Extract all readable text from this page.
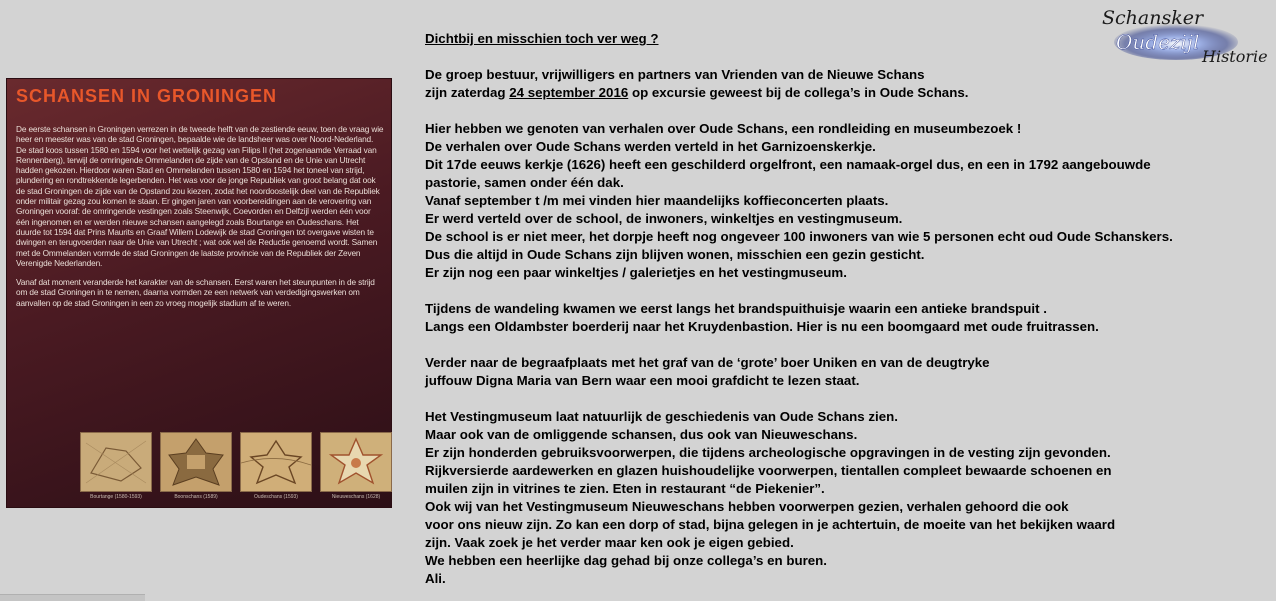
Schansker
Oudezijl
Historie
SCHANSEN IN GRONINGEN

De eerste schansen in Groningen verrezen in de tweede helft van de zestiende eeuw, toen de vraag wie heer en meester was van de stad Groningen, bepaalde wie de landsheer was over Noord-Nederland. De stad koos tussen 1580 en 1594 voor het wettelijk gezag van Filips II (het zogenaamde Verraad van Rennenberg), terwijl de omringende Ommelanden de zijde van de Opstand en de Unie van Utrecht hadden gekozen. Hierdoor waren Stad en Ommelanden tussen 1580 en 1594 het toneel van strijd, plundering en rondtrekkende legerbenden. Het was voor de jonge Republiek van groot belang dat ook de stad Groningen de zijde van de Opstand zou kiezen, zodat het noordoostelijk deel van de Republiek onder militair gezag zou komen te staan. Er gingen jaren van voorbereidingen aan de verovering van Groningen vooraf: de omringende vestingen zoals Steenwijk, Coevorden en Delfzijl werden één voor één ingenomen en er werden nieuwe schansen aangelegd zoals Bourtange en Oudeschans. Het duurde tot 1594 dat Prins Maurits en Graaf Willem Lodewijk de stad Groningen tot overgave wisten te dwingen en terugvoerden naar de Unie van Utrecht ; wat ook wel de Reductie genoemd wordt. Samen met de Ommelanden vormde de stad Groningen de laatste provincie van de Republiek der Zeven Verenigde Nederlanden.

Vanaf dat moment veranderde het karakter van de schansen. Eerst waren het steunpunten in de strijd om de stad Groningen in te nemen, daarna vormden ze een netwerk van verdedigingswerken om aanvallen op de stad Groningen in een zo vroeg mogelijk stadium af te weren.

Bourtange (1580-1593)	Boonschans (1589)	Oudeschans (1593)	Nieuweschans (1628)
Dichtbij en misschien toch ver weg ?
De groep bestuur, vrijwilligers en partners van Vrienden van de Nieuwe Schans
zijn zaterdag 24 september 2016 op excursie geweest bij de collega’s in Oude Schans.
Hier hebben we genoten van verhalen over Oude Schans, een rondleiding en museumbezoek !
De verhalen over Oude Schans werden verteld in het Garnizoenskerkje.
Dit 17de eeuws kerkje (1626) heeft een geschilderd orgelfront, een namaak-orgel dus, en een in 1792 aangebouwde
pastorie, samen onder één dak.
Vanaf september t /m mei vinden hier maandelijks koffieconcerten plaats.
Er werd verteld over de school, de inwoners, winkeltjes en vestingmuseum.
De school is er niet meer, het dorpje heeft nog ongeveer 100 inwoners van wie 5 personen echt oud Oude Schanskers.
Dus die altijd in Oude Schans zijn blijven wonen, misschien een gezin gesticht.
Er zijn nog een paar winkeltjes / galerietjes en het vestingmuseum.
Tijdens de wandeling kwamen we eerst langs het brandspuithuisje waarin een antieke brandspuit .
Langs een Oldambster boerderij naar het Kruydenbastion. Hier is nu een boomgaard met oude fruitrassen.
Verder naar de begraafplaats met het graf van de ‘grote’ boer Uniken en van de deugtryke
juffouw Digna Maria van Bern waar een mooi grafdicht te lezen staat.
Het Vestingmuseum laat natuurlijk de geschiedenis van Oude Schans zien.
Maar ook van de omliggende schansen, dus ook van Nieuweschans.
Er zijn honderden gebruiksvoorwerpen, die tijdens archeologische opgravingen in de vesting zijn gevonden.
Rijkversierde aardewerken en glazen huishoudelijke voorwerpen, tientallen compleet bewaarde schoenen en
muilen zijn in vitrines te zien. Eten in restaurant “de Piekenier”.
Ook wij van het Vestingmuseum Nieuweschans hebben voorwerpen gezien, verhalen gehoord die ook
voor ons nieuw zijn. Zo kan een dorp of stad, bijna gelegen in je achtertuin, de moeite van het bekijken waard
zijn. Vaak zoek je het verder maar ken ook je eigen gebied.
We hebben een heerlijke dag gehad bij onze collega’s en buren.
Ali.
